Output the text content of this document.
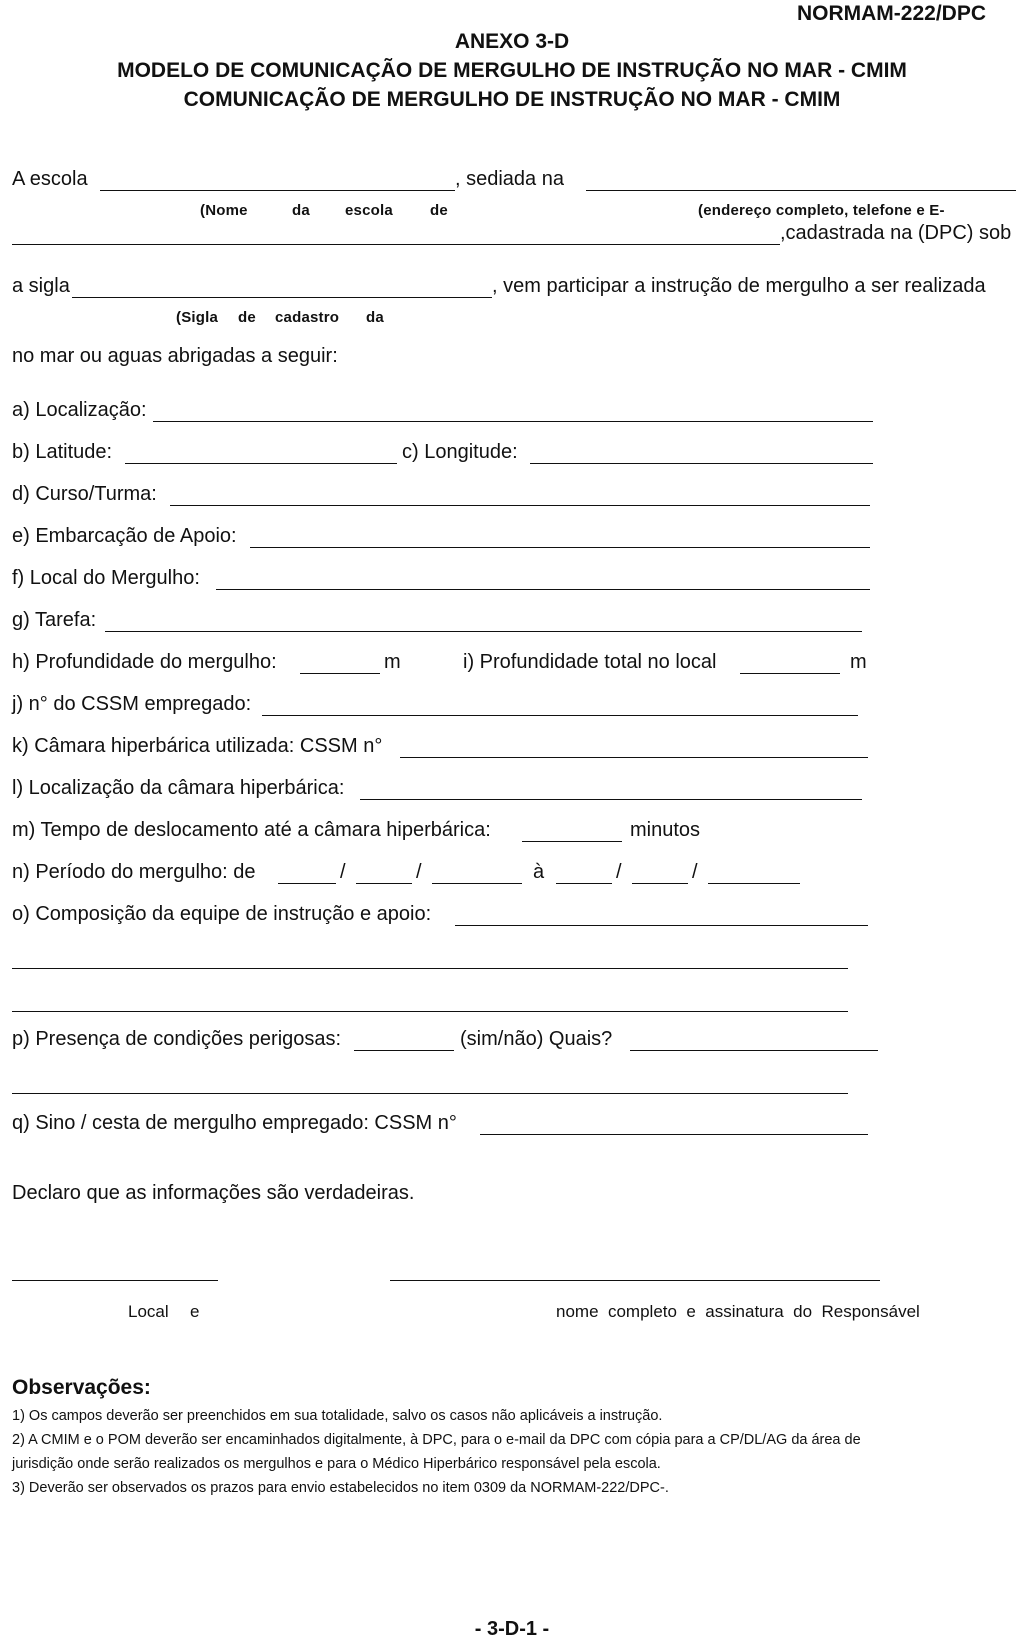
NORMAM-222/DPC
ANEXO 3-D
MODELO DE COMUNICAÇÃO DE MERGULHO DE INSTRUÇÃO NO MAR - CMIM
COMUNICAÇÃO DE MERGULHO DE INSTRUÇÃO NO MAR - CMIM
A escola	, sediada na
(Nome	da escola de	(endereço completo, telefone e E-
,cadastrada na (DPC) sob
a sigla	, vem participar a instrução de mergulho a ser realizada
(Sigla de cadastro da
no mar ou aguas abrigadas a seguir:
a) Localização:
b) Latitude:	c) Longitude:
d) Curso/Turma:
e) Embarcação de Apoio:
f) Local do Mergulho:
g) Tarefa:
h) Profundidade do mergulho:	m	i) Profundidade total no local	m
j) n° do CSSM empregado:
k) Câmara hiperbárica utilizada: CSSM n°
l) Localização da câmara hiperbárica:
m) Tempo de deslocamento até a câmara hiperbárica:	minutos
n) Período do mergulho: de	/	/	à	/	/
o) Composição da equipe de instrução e apoio:
p) Presença de condições perigosas:	(sim/não) Quais?
q) Sino / cesta de mergulho empregado: CSSM n°
Declaro que as informações são verdadeiras.
Local e	nome  completo  e  assinatura  do  Responsável
Observações:
1) Os campos deverão ser preenchidos em sua totalidade, salvo os casos não aplicáveis a instrução.
2) A CMIM e o POM deverão ser encaminhados digitalmente, à DPC, para o e-mail da DPC com cópia para a CP/DL/AG da área de
jurisdição onde serão realizados os mergulhos e para o Médico Hiperbárico responsável pela escola.
3) Deverão ser observados os prazos para envio estabelecidos no item 0309 da NORMAM-222/DPC-.
- 3-D-1 -
